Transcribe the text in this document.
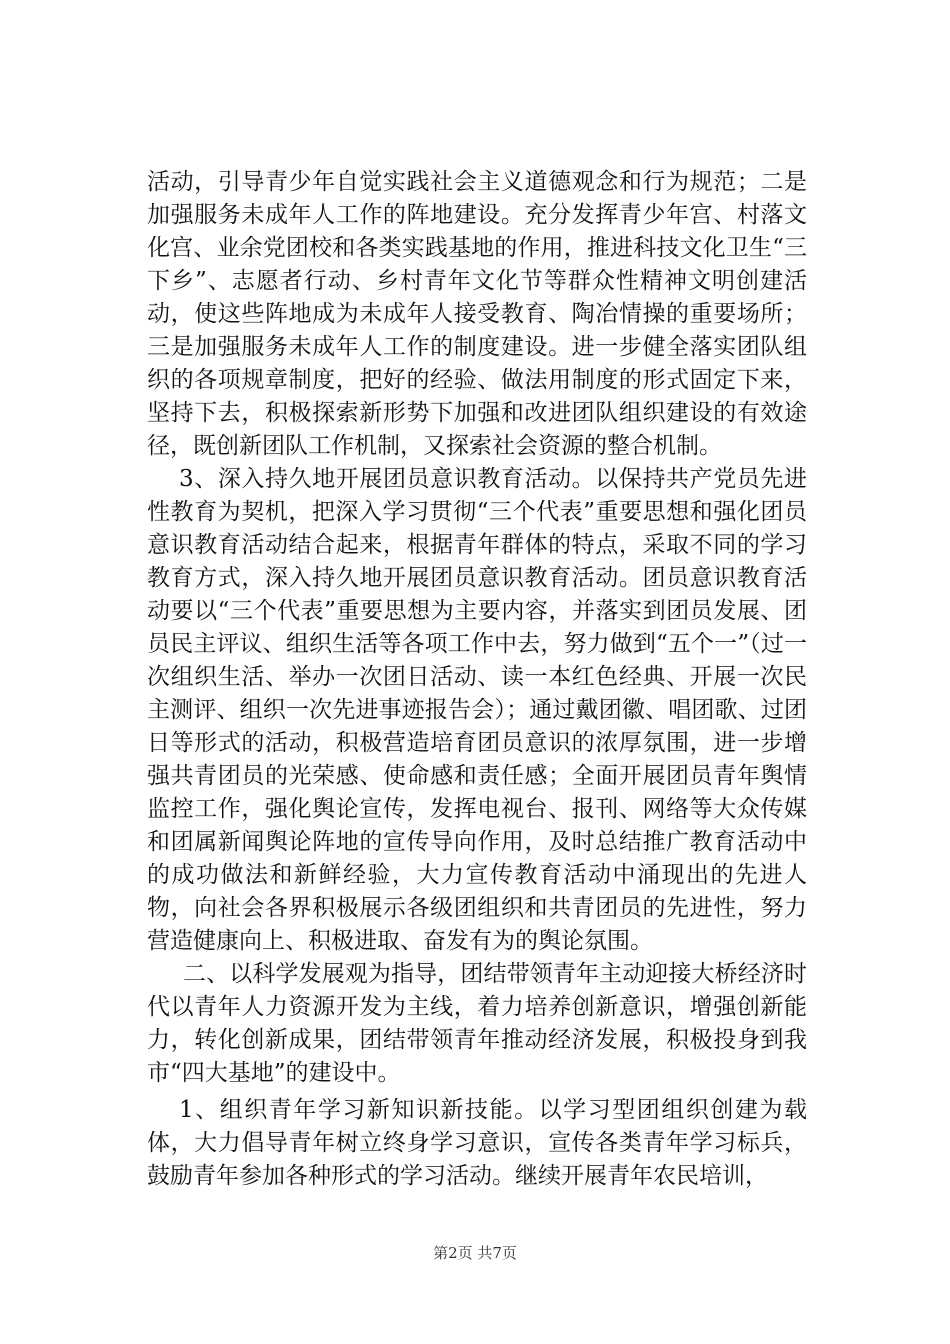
活动，引导青少年自觉实践社会主义道德观念和行为规范；二是加强服务未成年人工作的阵地建设。充分发挥青少年宫、村落文化宫、业余党团校和各类实践基地的作用，推进科技文化卫生“三下乡”、志愿者行动、乡村青年文化节等群众性精神文明创建活动，使这些阵地成为未成年人接受教育、陶冶情操的重要场所；三是加强服务未成年人工作的制度建设。进一步健全落实团队组织的各项规章制度，把好的经验、做法用制度的形式固定下来，坚持下去，积极探索新形势下加强和改进团队组织建设的有效途径，既创新团队工作机制，又探索社会资源的整合机制。

3、深入持久地开展团员意识教育活动。以保持共产党员先进性教育为契机，把深入学习贯彻“三个代表”重要思想和强化团员意识教育活动结合起来，根据青年群体的特点，采取不同的学习教育方式，深入持久地开展团员意识教育活动。团员意识教育活动要以“三个代表”重要思想为主要内容，并落实到团员发展、团员民主评议、组织生活等各项工作中去，努力做到“五个一”（过一次组织生活、举办一次团日活动、读一本红色经典、开展一次民主测评、组织一次先进事迹报告会）；通过戴团徽、唱团歌、过团日等形式的活动，积极营造培育团员意识的浓厚氛围，进一步增强共青团员的光荣感、使命感和责任感；全面开展团员青年舆情监控工作，强化舆论宣传，发挥电视台、报刊、网络等大众传媒和团属新闻舆论阵地的宣传导向作用，及时总结推广教育活动中的成功做法和新鲜经验，大力宣传教育活动中涌现出的先进人物，向社会各界积极展示各级团组织和共青团员的先进性，努力营造健康向上、积极进取、奋发有为的舆论氛围。

二、以科学发展观为指导，团结带领青年主动迎接大桥经济时代以青年人力资源开发为主线，着力培养创新意识，增强创新能力，转化创新成果，团结带领青年推动经济发展，积极投身到我市“四大基地”的建设中。

1、组织青年学习新知识新技能。以学习型团组织创建为载体，大力倡导青年树立终身学习意识，宣传各类青年学习标兵，鼓励青年参加各种形式的学习活动。继续开展青年农民培训，

第2页 共7页
